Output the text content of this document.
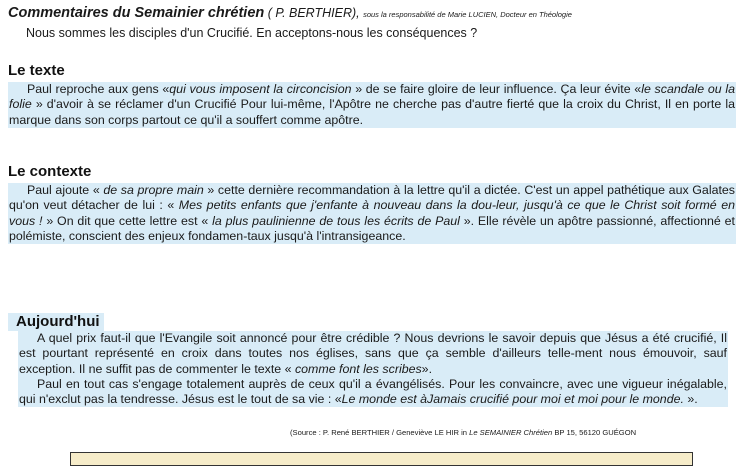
Commentaires du Semainier chrétien ( P. BERTHIER), sous la responsabilité de Marie LUCIEN, Docteur en Théologie
Nous sommes les disciples d'un Crucifié. En acceptons-nous les conséquences ?
Le texte
Paul reproche aux gens «qui vous imposent la circoncision » de se faire gloire de leur influence. Ça leur évite «le scandale ou la folie » d'avoir à se réclamer d'un Crucifié Pour lui-même, l'Apôtre ne cherche pas d'autre fierté que la croix du Christ, Il en porte la marque dans son corps partout ce qu'il a souffert comme apôtre.
Le contexte
Paul ajoute « de sa propre main » cette dernière recommandation à la lettre qu'il a dictée. C'est un appel pathétique aux Galates qu'on veut détacher de lui : « Mes petits enfants que j'enfante à nouveau dans la dou-leur, jusqu'à ce que le Christ soit formé en vous ! » On dit que cette lettre est « la plus paulinienne de tous les écrits de Paul ». Elle révèle un apôtre passionné, affectionné et polémiste, conscient des enjeux fondamen-taux jusqu'à l'intransigeance.
Aujourd'hui
A quel prix faut-il que l'Evangile soit annoncé pour être crédible ? Nous devrions le savoir depuis que Jésus a été crucifié, Il est pourtant représenté en croix dans toutes nos églises, sans que ça semble d'ailleurs telle-ment nous émouvoir, sauf exception. Il ne suffit pas de commenter le texte « comme font les scribes».
Paul en tout cas s'engage totalement auprès de ceux qu'il a évangélisés. Pour les convaincre, avec une vigueur inégalable, qui n'exclut pas la tendresse. Jésus est le tout de sa vie : «Le monde est àJamais crucifié pour moi et moi pour le monde. ».
(Source : P. René BERTHIER / Geneviève LE HIR in Le SEMAINIER Chrétien BP 15, 56120 GUÉGON
